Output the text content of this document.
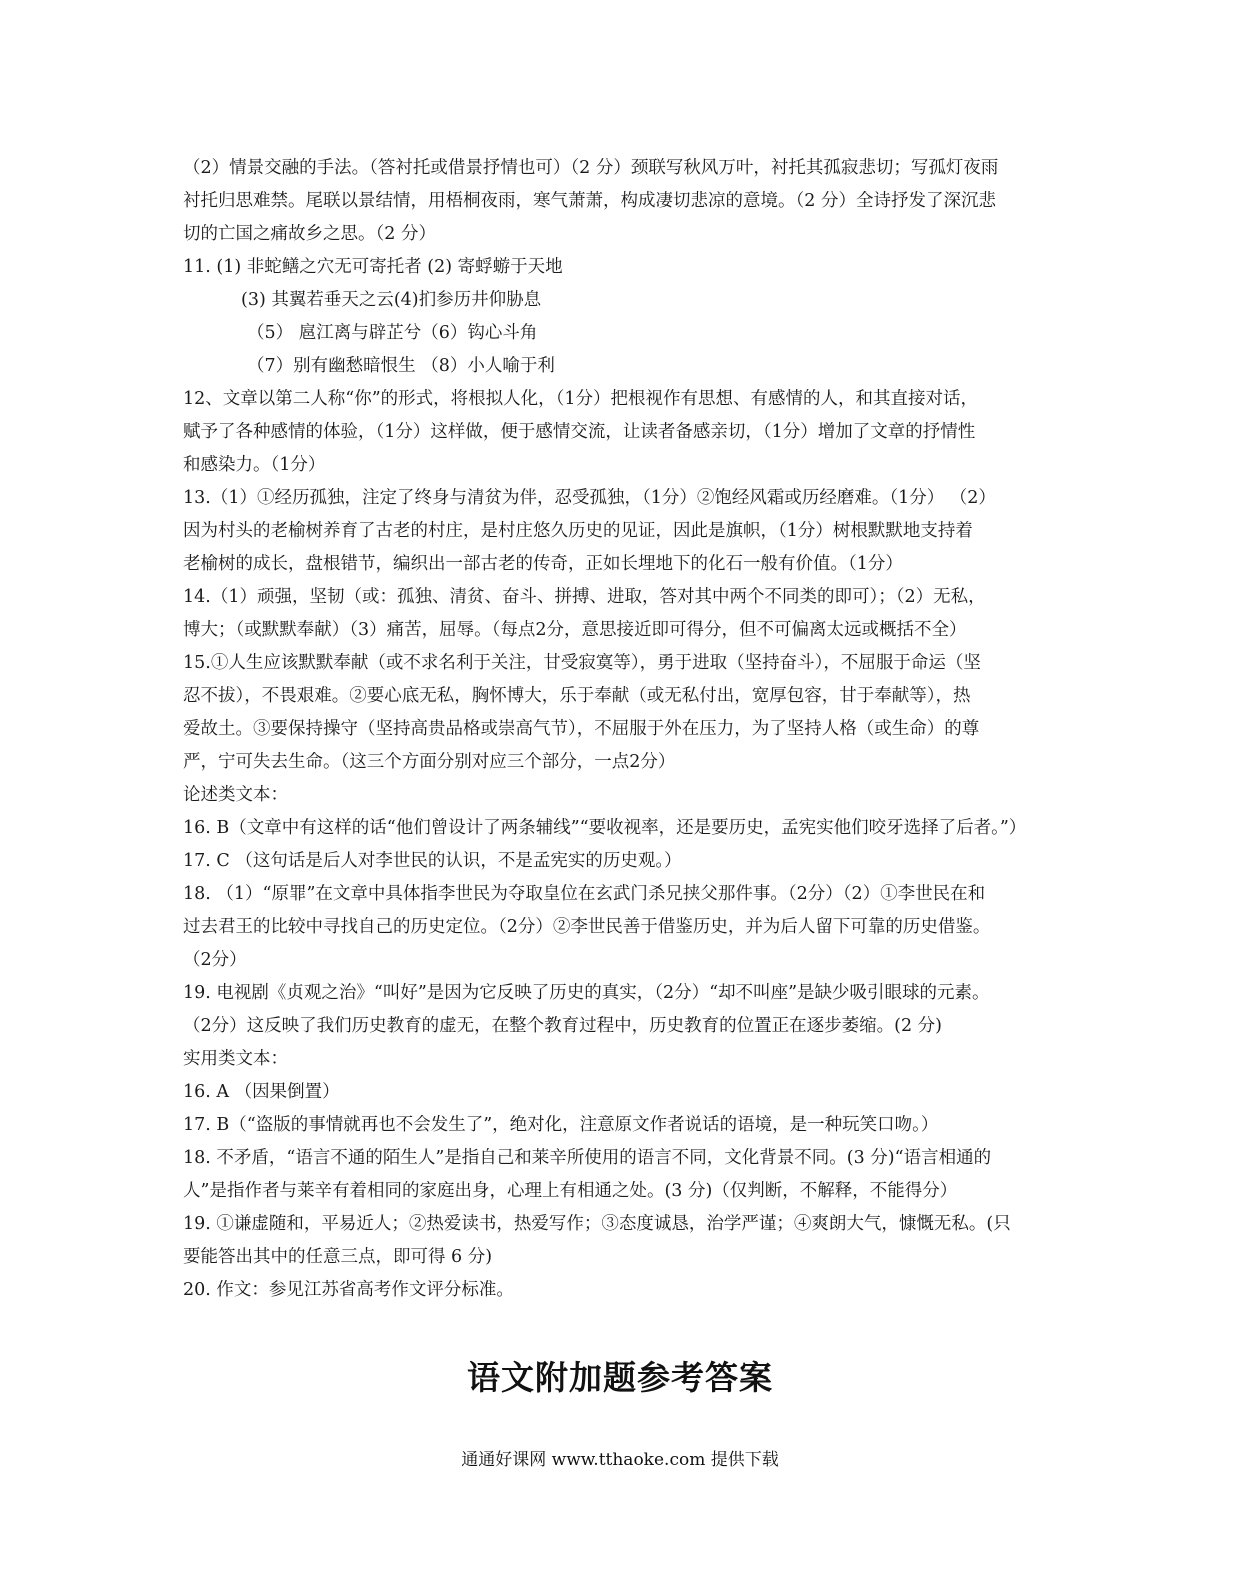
（2）情景交融的手法。（答衬托或借景抒情也可）（2 分）颈联写秋风万叶，衬托其孤寂悲切；写孤灯夜雨
衬托归思难禁。尾联以景结情，用梧桐夜雨，寒气萧萧，构成凄切悲凉的意境。（2 分）全诗抒发了深沉悲
切的亡国之痛故乡之思。（2 分）
11. (1) 非蛇鳝之穴无可寄托者 (2) 寄蜉蝣于天地
(3) 其翼若垂天之云(4)扪参历井仰胁息
（5） 扈江离与辟芷兮（6）钩心斗角
（7）别有幽愁暗恨生 （8）小人喻于利
12、文章以第二人称“你”的形式，将根拟人化，（1分）把根视作有思想、有感情的人，和其直接对话，
赋予了各种感情的体验，（1分）这样做，便于感情交流，让读者备感亲切，（1分）增加了文章的抒情性
和感染力。（1分）
13.（1）①经历孤独，注定了终身与清贫为伴，忍受孤独，（1分）②饱经风霜或历经磨难。（1分） （2）
因为村头的老榆树养育了古老的村庄，是村庄悠久历史的见证，因此是旗帜，（1分）树根默默地支持着
老榆树的成长，盘根错节，编织出一部古老的传奇，正如长埋地下的化石一般有价值。（1分）
14.（1）顽强，坚韧（或：孤独、清贫、奋斗、拼搏、进取，答对其中两个不同类的即可）；（2）无私，
博大；（或默默奉献）（3）痛苦，屈辱。（每点2分，意思接近即可得分，但不可偏离太远或概括不全）
15.①人生应该默默奉献（或不求名利于关注，甘受寂寞等），勇于进取（坚持奋斗），不屈服于命运（坚
忍不拔），不畏艰难。②要心底无私，胸怀博大，乐于奉献（或无私付出，宽厚包容，甘于奉献等），热
爱故土。③要保持操守（坚持高贵品格或崇高气节），不屈服于外在压力，为了坚持人格（或生命）的尊
严，宁可失去生命。（这三个方面分别对应三个部分，一点2分）
论述类文本：
16. B（文章中有这样的话“他们曾设计了两条辅线”“要收视率，还是要历史，孟宪实他们咬牙选择了后者。”）
17. C （这句话是后人对李世民的认识，不是孟宪实的历史观。）
18. （1）“原罪”在文章中具体指李世民为夺取皇位在玄武门杀兄挟父那件事。（2分）（2）①李世民在和
过去君王的比较中寻找自己的历史定位。（2分）②李世民善于借鉴历史，并为后人留下可靠的历史借鉴。
（2分）
19. 电视剧《贞观之治》“叫好”是因为它反映了历史的真实，（2分）“却不叫座”是缺少吸引眼球的元素。
（2分）这反映了我们历史教育的虚无，在整个教育过程中，历史教育的位置正在逐步萎缩。(2 分)
实用类文本：
16. A （因果倒置）
17. B（“盗版的事情就再也不会发生了”，绝对化，注意原文作者说话的语境，是一种玩笑口吻。）
18. 不矛盾，“语言不通的陌生人”是指自己和莱辛所使用的语言不同，文化背景不同。(3 分)“语言相通的
人”是指作者与莱辛有着相同的家庭出身，心理上有相通之处。(3 分)（仅判断，不解释，不能得分）
19. ①谦虚随和，平易近人；②热爱读书，热爱写作；③态度诚恳，治学严谨；④爽朗大气，慷慨无私。(只
要能答出其中的任意三点，即可得 6 分)
20. 作文：参见江苏省高考作文评分标准。
语文附加题参考答案
通通好课网 www.tthaoke.com 提供下载
